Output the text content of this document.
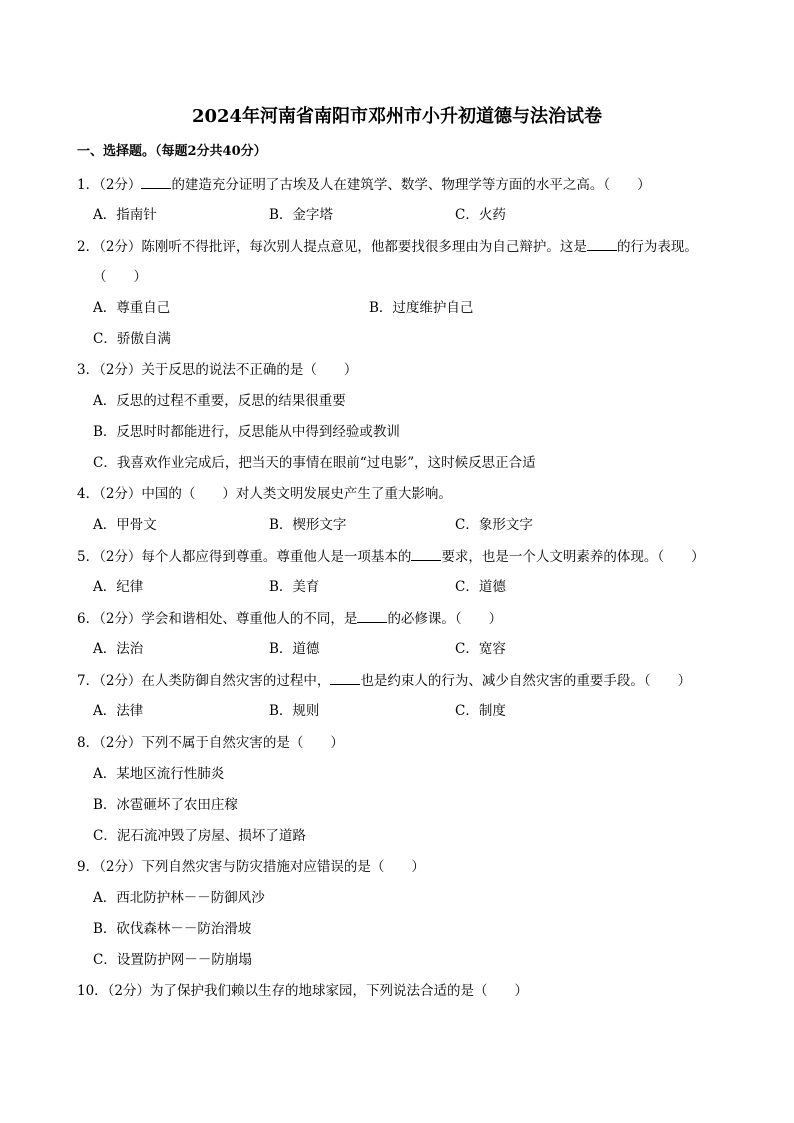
2024年河南省南阳市邓州市小升初道德与法治试卷
一、选择题。（每题2分共40分）
1．（2分） 的建造充分证明了古埃及人在建筑学、数学、物理学等方面的水平之高。（　　）
A．指南针	B．金字塔	C．火药
2．（2分）陈刚听不得批评，每次别人提点意见，他都要找很多理由为自己辩护。这是 的行为表现。
（　　）
A．尊重自己	B．过度维护自己
C．骄傲自满
3．（2分）关于反思的说法不正确的是（　　）
A．反思的过程不重要，反思的结果很重要
B．反思时时都能进行，反思能从中得到经验或教训
C．我喜欢作业完成后，把当天的事情在眼前“过电影”，这时候反思正合适
4．（2分）中国的（　　）对人类文明发展史产生了重大影响。
A．甲骨文	B．楔形文字	C．象形文字
5．（2分）每个人都应得到尊重。尊重他人是一项基本的 要求，也是一个人文明素养的体现。（　　）
A．纪律	B．美育	C．道德
6．（2分）学会和谐相处、尊重他人的不同，是 的必修课。（　　）
A．法治	B．道德	C．宽容
7．（2分）在人类防御自然灾害的过程中， 也是约束人的行为、减少自然灾害的重要手段。（　　）
A．法律	B．规则	C．制度
8．（2分）下列不属于自然灾害的是（　　）
A．某地区流行性肺炎
B．冰雹砸坏了农田庄稼
C．泥石流冲毁了房屋、损坏了道路
9．（2分）下列自然灾害与防灾措施对应错误的是（　　）
A．西北防护林－－防御风沙
B．砍伐森林－－防治滑坡
C．设置防护网－－防崩塌
10．（2分）为了保护我们赖以生存的地球家园，下列说法合适的是（　　）
